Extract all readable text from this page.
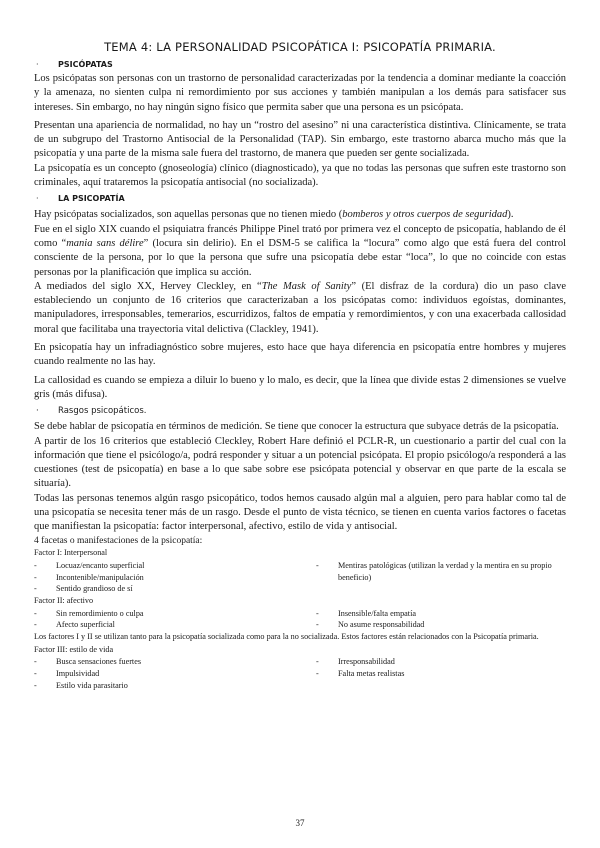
TEMA 4: LA PERSONALIDAD PSICOPÁTICA I: PSICOPATÍA PRIMARIA.
· PSICÓPATAS

Los psicópatas son personas con un trastorno de personalidad caracterizadas por la tendencia a dominar mediante la coacción y la amenaza, no sienten culpa ni remordimiento por sus acciones y también manipulan a los demás para satisfacer sus intereses. Sin embargo, no hay ningún signo físico que permita saber que una persona es un psicópata.

Presentan una apariencia de normalidad, no hay un “rostro del asesino” ni una característica distintiva. Clínicamente, se trata de un subgrupo del Trastorno Antisocial de la Personalidad (TAP). Sin embargo, este trastorno abarca mucho más que la psicopatía y una parte de la misma sale fuera del trastorno, de manera que pueden ser gente socializada.

La psicopatía es un concepto (gnoseología) clínico (diagnosticado), ya que no todas las personas que sufren este trastorno son criminales, aquí trataremos la psicopatía antisocial (no socializada).

· LA PSICOPATÍA

Hay psicópatas socializados, son aquellas personas que no tienen miedo (bomberos y otros cuerpos de seguridad).

Fue en el siglo XIX cuando el psiquiatra francés Philippe Pinel trató por primera vez el concepto de psicopatía, hablando de él como “mania sans délire” (locura sin delirio). En el DSM-5 se califica la “locura” como algo que está fuera del control consciente de la persona, por lo que la persona que sufre una psicopatía debe estar “loca”, lo que no coincide con estas personas por la planificación que implica su acción.

A mediados del siglo XX, Hervey Cleckley, en “The Mask of Sanity” (El disfraz de la cordura) dio un paso clave estableciendo un conjunto de 16 criterios que caracterizaban a los psicópatas como: individuos egoístas, dominantes, manipuladores, irresponsables, temerarios, escurridizos, faltos de empatía y remordimientos, y con una exacerbada callosidad moral que facilitaba una trayectoria vital delictiva (Clackley, 1941).

En psicopatía hay un infradiagnóstico sobre mujeres, esto hace que haya diferencia en psicopatía entre hombres y mujeres cuando realmente no las hay.

La callosidad es cuando se empieza a diluir lo bueno y lo malo, es decir, que la línea que divide estas 2 dimensiones se vuelve gris (más difusa).

· Rasgos psicopáticos.

Se debe hablar de psicopatía en términos de medición. Se tiene que conocer la estructura que subyace detrás de la psicopatía.

A partir de los 16 criterios que estableció Cleckley, Robert Hare definió el PCLR-R, un cuestionario a partir del cual con la información que tiene el psicólogo/a, podrá responder y situar a un potencial psicópata. El propio psicólogo/a responderá a las cuestiones (test de psicopatía) en base a lo que sabe sobre ese psicópata potencial y observar en que parte de la escala se situaría).

Todas las personas tenemos algún rasgo psicopático, todos hemos causado algún mal a alguien, pero para hablar como tal de una psicopatía se necesita tener más de un rasgo. Desde el punto de vista técnico, se tienen en cuenta varios factores o facetas que manifiestan la psicopatía: factor interpersonal, afectivo, estilo de vida y antisocial.

4 facetas o manifestaciones de la psicopatía:

Factor I: Interpersonal
-	Locuaz/encanto superficial
-	Incontenible/manipulación
-	Sentido grandioso de sí
-	Mentiras patológicas (utilizan la verdad y la mentira en su propio beneficio)
Factor II: afectivo
-	Sin remordimiento o culpa
-	Afecto superficial
-	Insensible/falta empatía
-	No asume responsabilidad
Los factores I y II se utilizan tanto para la psicopatía socializada como para la no socializada. Estos factores están relacionados con la Psicopatía primaria.
Factor III: estilo de vida
-	Busca sensaciones fuertes
-	Impulsividad
-	Estilo vida parasitario
-	Irresponsabilidad
-	Falta metas realistas
37
